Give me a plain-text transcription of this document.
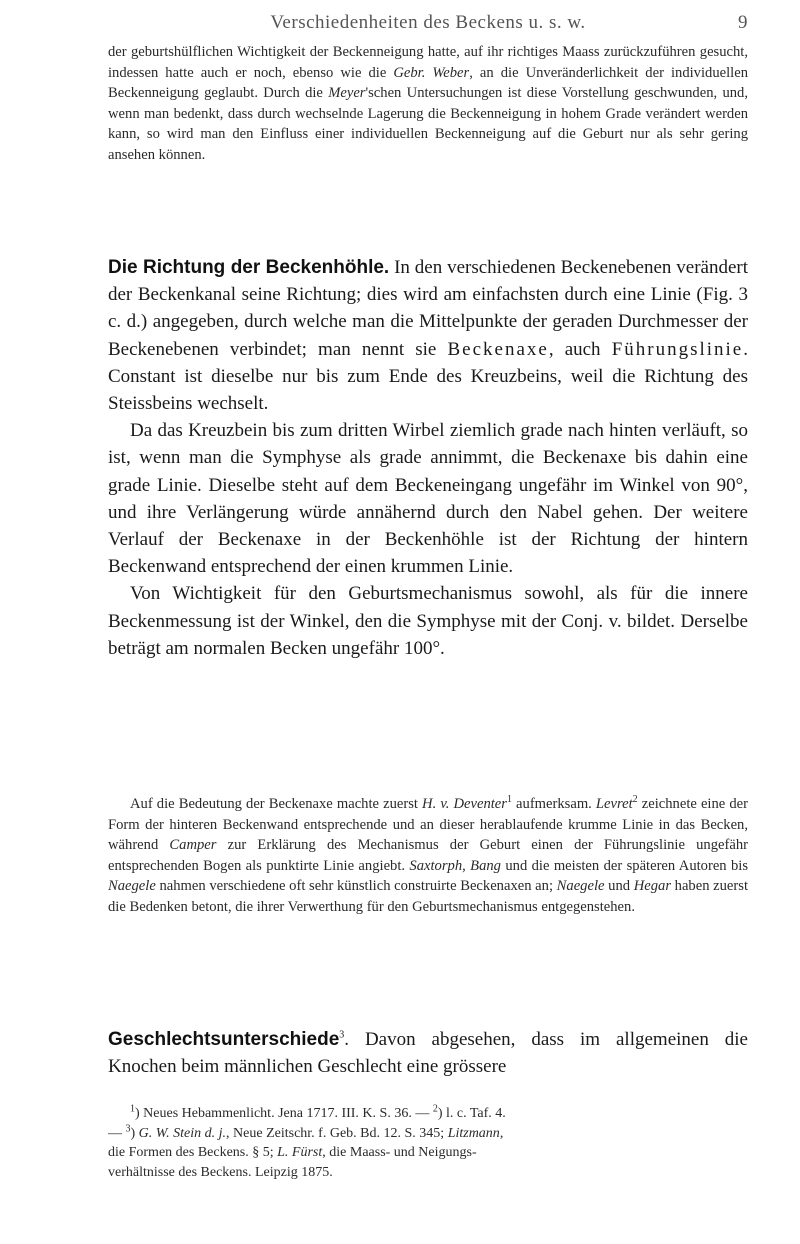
Verschiedenheiten des Beckens u. s. w.	9

der geburtshülflichen Wichtigkeit der Beckenneigung hatte, auf ihr richtiges Maass zurückzuführen gesucht, indessen hatte auch er noch, ebenso wie die Gebr. Weber, an die Unveränderlichkeit der individuellen Beckenneigung geglaubt. Durch die Meyer'schen Untersuchungen ist diese Vorstellung geschwunden, und, wenn man bedenkt, dass durch wechselnde Lagerung die Beckenneigung in hohem Grade verändert werden kann, so wird man den Einfluss einer individuellen Beckenneigung auf die Geburt nur als sehr gering ansehen können.

Die Richtung der Beckenhöhle. In den verschiedenen Beckenebenen verändert der Beckenkanal seine Richtung; dies wird am einfachsten durch eine Linie (Fig. 3 c. d.) angegeben, durch welche man die Mittelpunkte der geraden Durchmesser der Beckenebenen verbindet; man nennt sie Beckenaxe, auch Führungslinie. Constant ist dieselbe nur bis zum Ende des Kreuzbeins, weil die Richtung des Steissbeins wechselt.

Da das Kreuzbein bis zum dritten Wirbel ziemlich grade nach hinten verläuft, so ist, wenn man die Symphyse als grade annimmt, die Beckenaxe bis dahin eine grade Linie. Dieselbe steht auf dem Beckeneingang ungefähr im Winkel von 90°, und ihre Verlängerung würde annähernd durch den Nabel gehen. Der weitere Verlauf der Beckenaxe in der Beckenhöhle ist der Richtung der hintern Beckenwand entsprechend der einen krummen Linie.

Von Wichtigkeit für den Geburtsmechanismus sowohl, als für die innere Beckenmessung ist der Winkel, den die Symphyse mit der Conj. v. bildet. Derselbe beträgt am normalen Becken ungefähr 100°.

Auf die Bedeutung der Beckenaxe machte zuerst H. v. Deventer$^1$ aufmerksam. Levret$^2$ zeichnete eine der Form der hinteren Beckenwand entsprechende und an dieser herablaufende krumme Linie in das Becken, während Camper zur Erklärung des Mechanismus der Geburt einen der Führungslinie ungefähr entsprechenden Bogen als punktirte Linie angiebt. Saxtorph, Bang und die meisten der späteren Autoren bis Naegele nahmen verschiedene oft sehr künstlich construirte Beckenaxen an; Naegele und Hegar haben zuerst die Bedenken betont, die ihrer Verwerthung für den Geburtsmechanismus entgegenstehen.

Geschlechtsunterschiede$^3$. Davon abgesehen, dass im allgemeinen die Knochen beim männlichen Geschlecht eine grössere

$^1$) Neues Hebammenlicht. Jena 1717. III. K. S. 36. — $^2$) l. c. Taf. 4.
— $^3$) G. W. Stein d. j., Neue Zeitschr. f. Geb. Bd. 12. S. 345; Litzmann,
die Formen des Beckens. § 5; L. Fürst, die Maass- und Neigungs-
verhältnisse des Beckens. Leipzig 1875.
